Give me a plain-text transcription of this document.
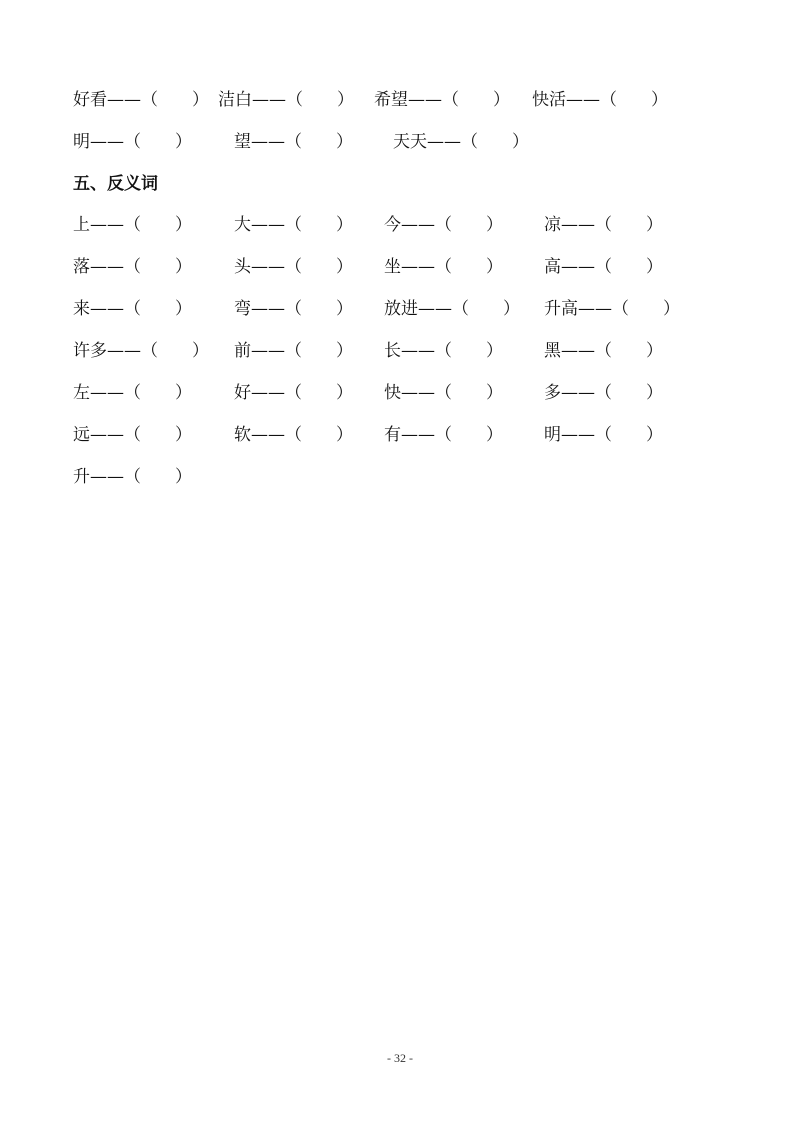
好看——（　　） 洁白——（　　） 希望——（　　） 快活——（　　）
明——（　　） 望——（　　） 天天——（　　）
五、反义词
上——（　　） 大——（　　） 今——（　　） 凉——（　　）
落——（　　） 头——（　　） 坐——（　　） 高——（　　）
来——（　　） 弯——（　　） 放进——（　　） 升高——（　　）
许多——（　　） 前——（　　） 长——（　　） 黑——（　　）
左——（　　） 好——（　　） 快——（　　） 多——（　　）
远——（　　） 软——（　　） 有——（　　） 明——（　　）
升——（　　）
- 32 -
